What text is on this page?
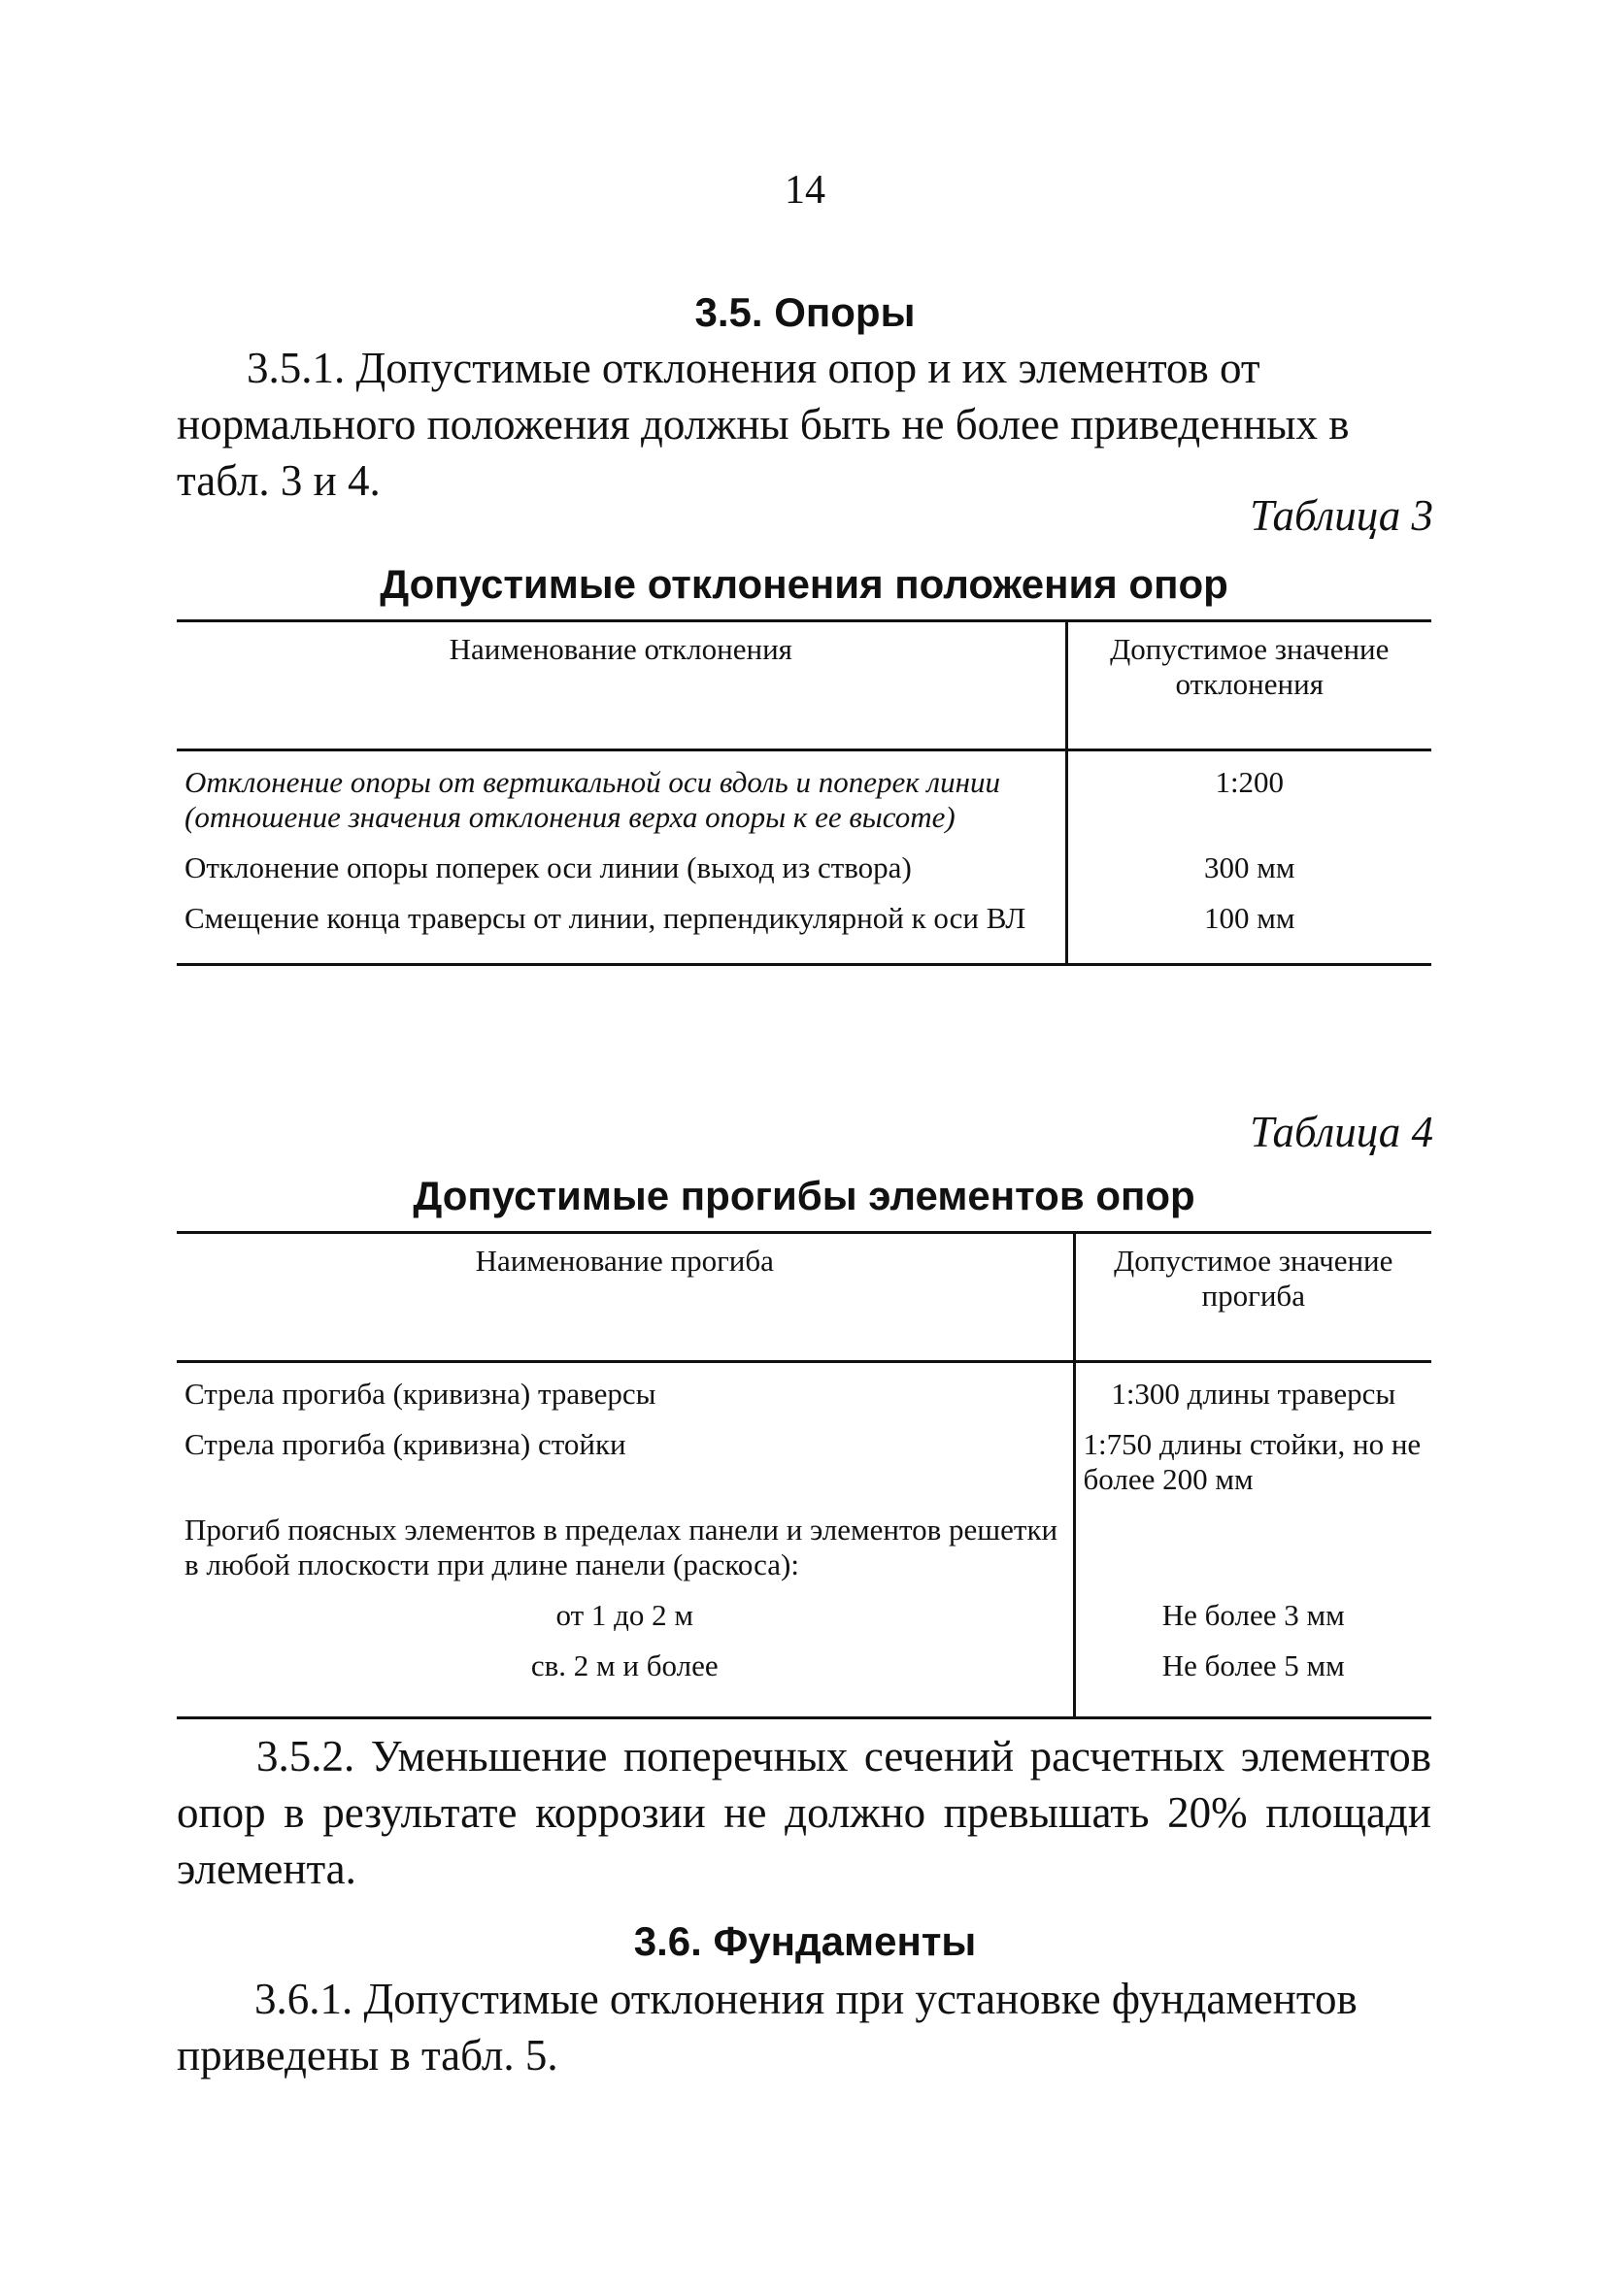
14
3.5. Опоры
3.5.1. Допустимые отклонения опор и их элементов от нормального положения должны быть не более приведенных в табл. 3 и 4.
Таблица 3
Допустимые отклонения положения опор
Наименование отклонения	Допустимое значение отклонения
Отклонение опоры от вертикальной оси вдоль и поперек линии (отношение значения отклонения верха опоры к ее высоте)	1:200
Отклонение опоры поперек оси линии (выход из створа)	300 мм
Смещение конца траверсы от линии, перпендикулярной к оси ВЛ	100 мм
Таблица 4
Допустимые прогибы элементов опор
Наименование прогиба	Допустимое значение прогиба
Стрела прогиба (кривизна) траверсы	1:300 длины траверсы
Стрела прогиба (кривизна) стойки	1:750 длины стойки, но не более 200 мм
Прогиб поясных элементов в пределах панели и элементов решетки в любой плоскости при длине панели (раскоса):	
от 1 до 2 м	Не более 3 мм
св. 2 м и более	Не более 5 мм
3.5.2. Уменьшение поперечных сечений расчетных элементов опор в результате коррозии не должно превышать 20% площади элемента.
3.6. Фундаменты
3.6.1. Допустимые отклонения при установке фундаментов приведены в табл. 5.
